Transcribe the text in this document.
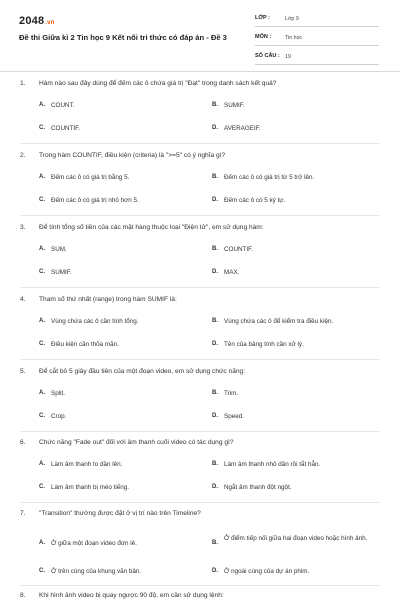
2048.vn
Đề thi Giữa kì 2 Tin học 9 Kết nối tri thức có đáp án - Đề 3
LỚP :	Lớp 9
MÔN :	Tin học
SỐ CÂU : 19
1. Hàm nào sau đây dùng để đếm các ô chứa giá trị "Đạt" trong danh sách kết quả?
A. COUNT.	B. SUMIF.
C. COUNTIF.	D. AVERAGEIF.
2. Trong hàm COUNTIF, điều kiện (criteria) là ">=5" có ý nghĩa gì?
A. Đếm các ô có giá trị bằng 5.	B. Đếm các ô có giá trị từ 5 trở lên.
C. Đếm các ô có giá trị nhỏ hơn 5.	D. Đếm các ô có 5 ký tự.
3. Để tính tổng số tiền của các mặt hàng thuộc loại "Điện tử", em sử dụng hàm:
A. SUM.	B. COUNTIF.
C. SUMIF.	D. MAX.
4. Tham số thứ nhất (range) trong hàm SUMIF là:
A. Vùng chứa các ô cần tính tổng.	B. Vùng chứa các ô để kiểm tra điều kiện.
C. Điều kiện cần thỏa mãn.	D. Tên của bảng tính cần xử lý.
5. Để cắt bỏ 5 giây đầu tiên của một đoạn video, em sử dụng chức năng:
A. Split.	B. Trim.
C. Crop.	D. Speed.
6. Chức năng "Fade out" đối với âm thanh cuối video có tác dụng gì?
A. Làm âm thanh to dần lên.	B. Làm âm thanh nhỏ dần rồi tắt hẳn.
C. Làm âm thanh bị méo tiếng.	D. Ngắt âm thanh đột ngột.
7. "Transition" thường được đặt ở vị trí nào trên Timeline?
A. Ở giữa một đoạn video đơn lẻ.	B.
Ở điểm tiếp nối giữa hai đoạn video hoặc hình ảnh.
C. Ở trên cùng của khung văn bản.	D. Ở ngoài cùng của dự án phim.
8. Khi hình ảnh video bị quay ngược 90 độ, em cần sử dụng lệnh:
